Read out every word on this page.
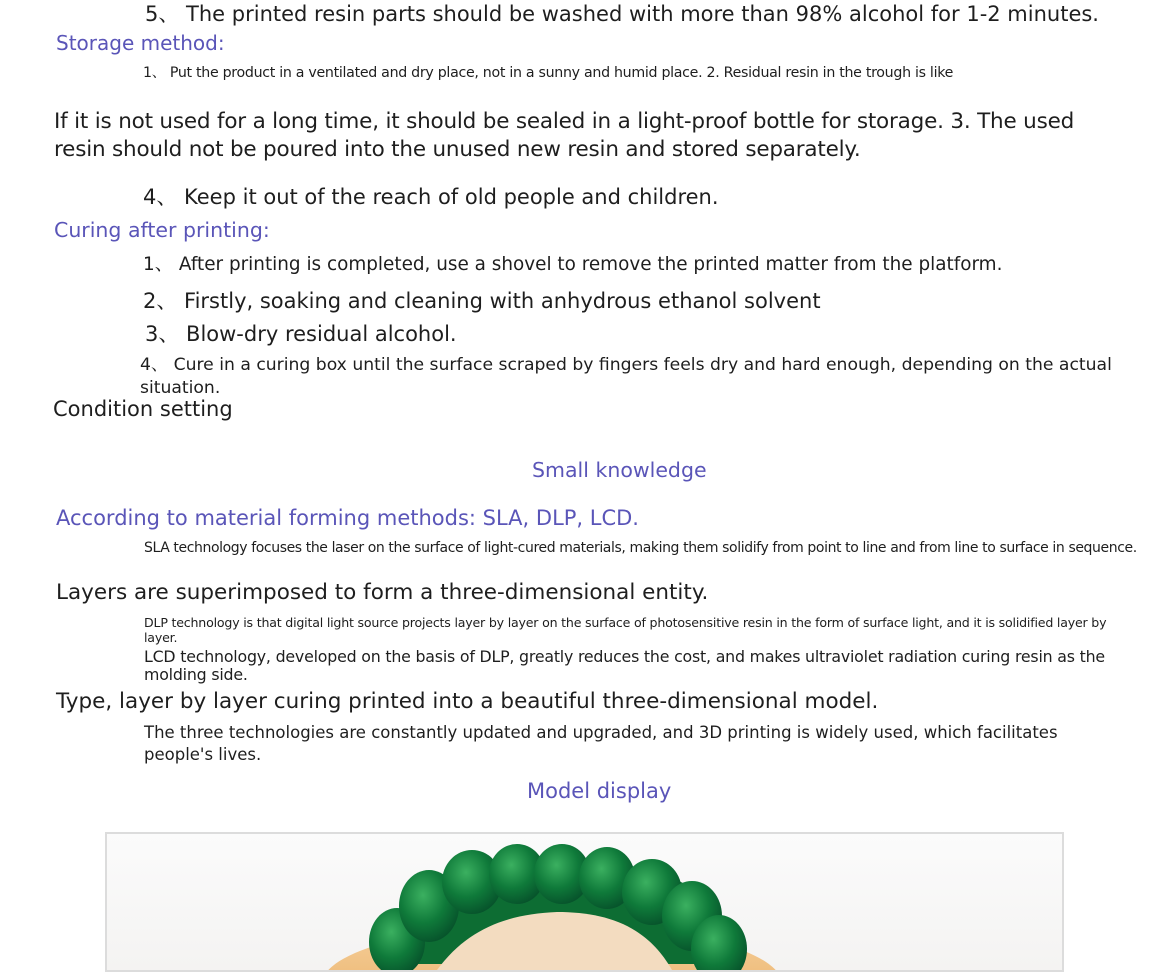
5、 The printed resin parts should be washed with more than 98% alcohol for 1-2 minutes.
Storage method:
1、 Put the product in a ventilated and dry place, not in a sunny and humid place. 2. Residual resin in the trough is like
If it is not used for a long time, it should be sealed in a light-proof bottle for storage. 3. The used resin should not be poured into the unused new resin and stored separately.
4、 Keep it out of the reach of old people and children.
Curing after printing:
1、 After printing is completed, use a shovel to remove the printed matter from the platform.
2、 Firstly, soaking and cleaning with anhydrous ethanol solvent
3、 Blow-dry residual alcohol.
4、 Cure in a curing box until the surface scraped by fingers feels dry and hard enough, depending on the actual situation.
Condition setting
Small knowledge
According to material forming methods: SLA, DLP, LCD.
SLA technology focuses the laser on the surface of light-cured materials, making them solidify from point to line and from line to surface in sequence.
Layers are superimposed to form a three-dimensional entity.
DLP technology is that digital light source projects layer by layer on the surface of photosensitive resin in the form of surface light, and it is solidified layer by layer.
LCD technology, developed on the basis of DLP, greatly reduces the cost, and makes ultraviolet radiation curing resin as the molding side.
Type, layer by layer curing printed into a beautiful three-dimensional model.
The three technologies are constantly updated and upgraded, and 3D printing is widely used, which facilitates people's lives.
Model display
